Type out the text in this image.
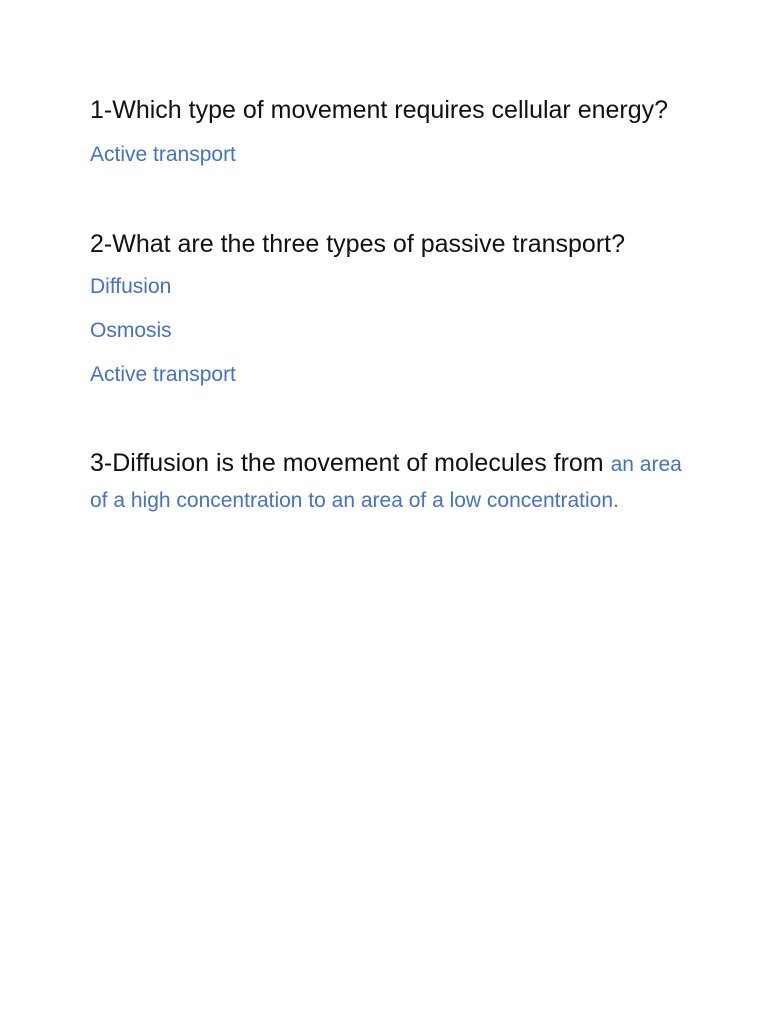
1-Which type of movement requires cellular energy?

Active transport

2-What are the three types of passive transport?

Diffusion

Osmosis

Active transport

3-Diffusion is the movement of molecules from an area of a high concentration to an area of a low concentration.
